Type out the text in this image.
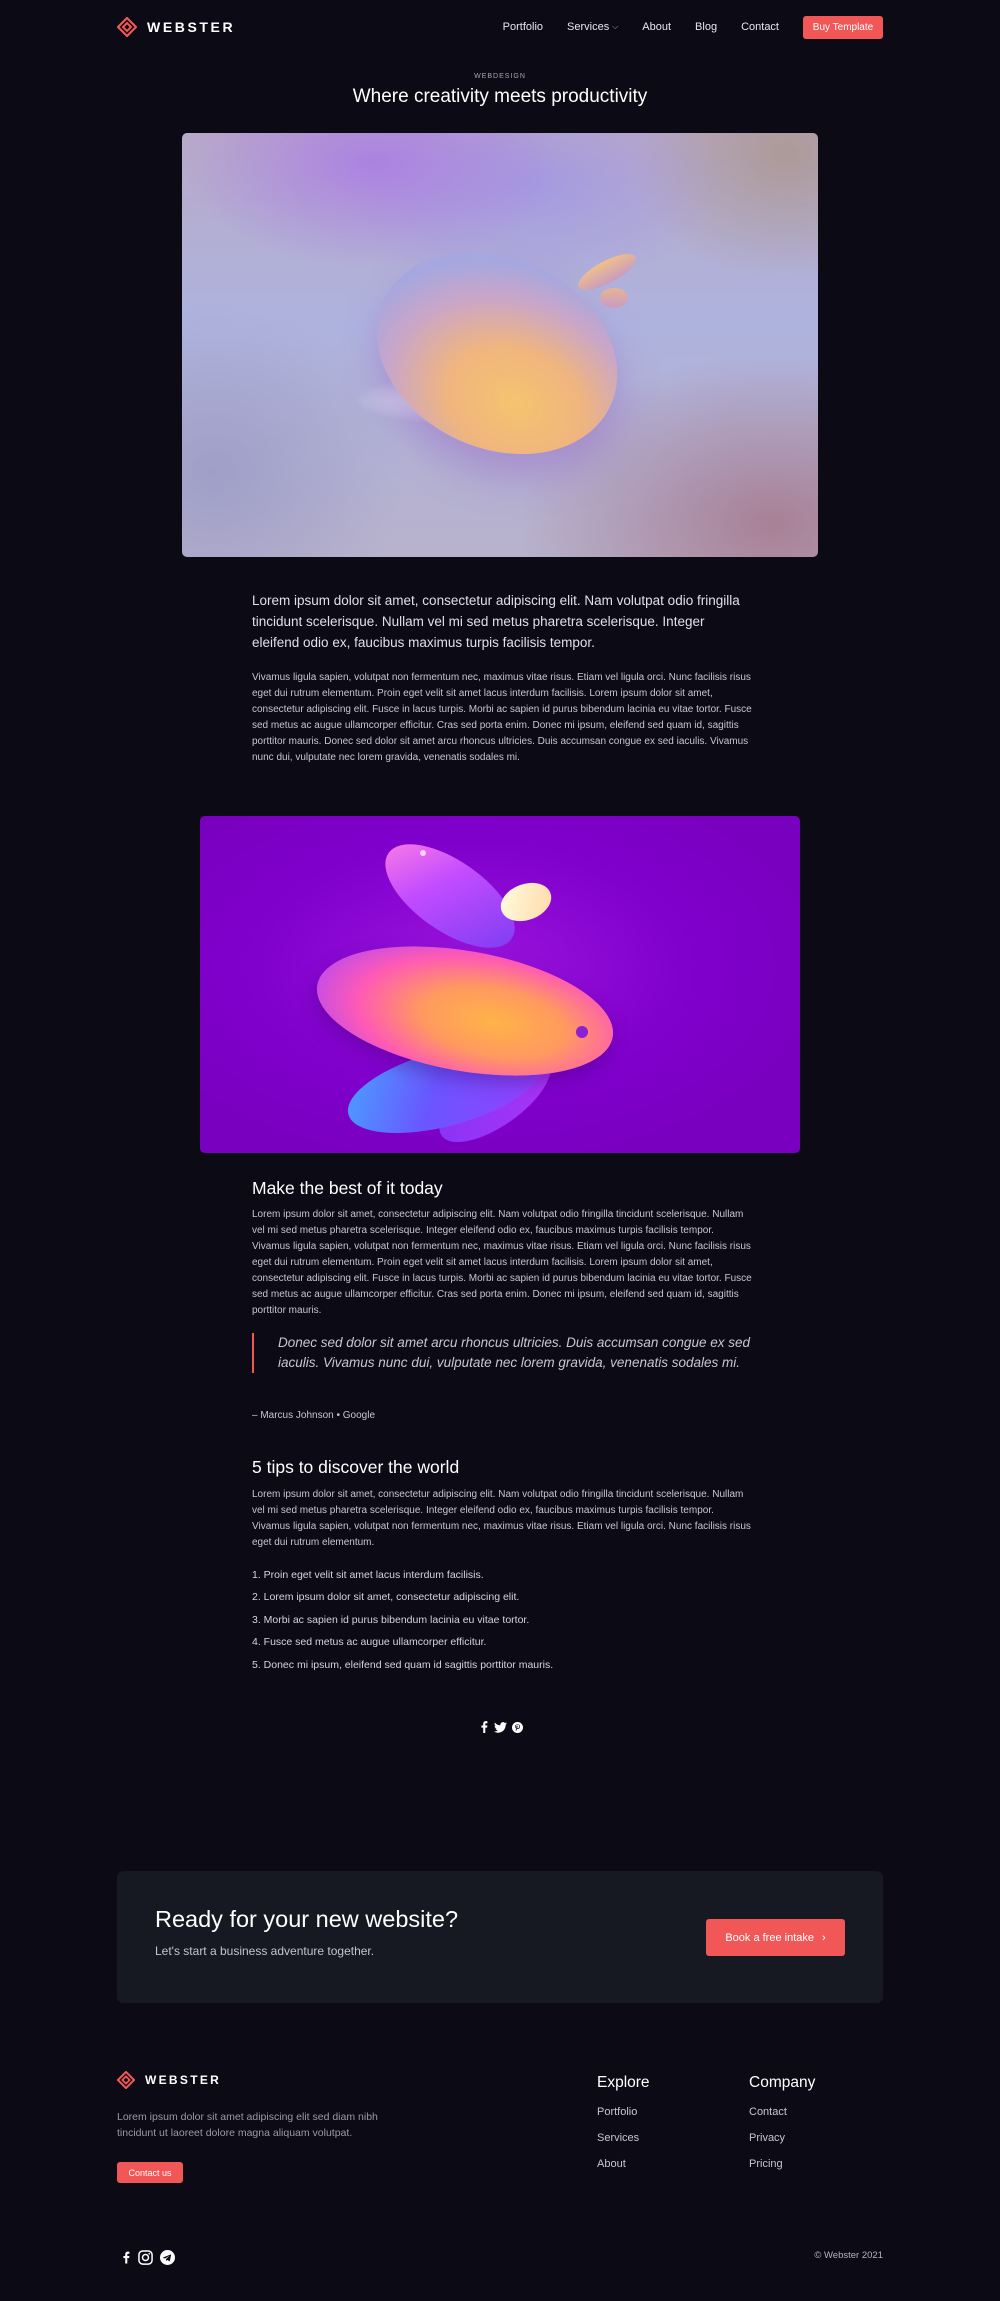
WEBSTER	Portfolio Services ⌵ About Blog Contact	Buy Template
WEBDESIGN
Where creativity meets productivity

Lorem ipsum dolor sit amet, consectetur adipiscing elit. Nam volutpat odio fringilla tincidunt scelerisque. Nullam vel mi sed metus pharetra scelerisque. Integer eleifend odio ex, faucibus maximus turpis facilisis tempor.

Vivamus ligula sapien, volutpat non fermentum nec, maximus vitae risus. Etiam vel ligula orci. Nunc facilisis risus eget dui rutrum elementum. Proin eget velit sit amet lacus interdum facilisis. Lorem ipsum dolor sit amet, consectetur adipiscing elit. Fusce in lacus turpis. Morbi ac sapien id purus bibendum lacinia eu vitae tortor. Fusce sed metus ac augue ullamcorper efficitur. Cras sed porta enim. Donec mi ipsum, eleifend sed quam id, sagittis porttitor mauris. Donec sed dolor sit amet arcu rhoncus ultricies. Duis accumsan congue ex sed iaculis. Vivamus nunc dui, vulputate nec lorem gravida, venenatis sodales mi.

Make the best of it today

Lorem ipsum dolor sit amet, consectetur adipiscing elit. Nam volutpat odio fringilla tincidunt scelerisque. Nullam vel mi sed metus pharetra scelerisque. Integer eleifend odio ex, faucibus maximus turpis facilisis tempor. Vivamus ligula sapien, volutpat non fermentum nec, maximus vitae risus. Etiam vel ligula orci. Nunc facilisis risus eget dui rutrum elementum. Proin eget velit sit amet lacus interdum facilisis. Lorem ipsum dolor sit amet, consectetur adipiscing elit. Fusce in lacus turpis. Morbi ac sapien id purus bibendum lacinia eu vitae tortor. Fusce sed metus ac augue ullamcorper efficitur. Cras sed porta enim. Donec mi ipsum, eleifend sed quam id, sagittis porttitor mauris.

Donec sed dolor sit amet arcu rhoncus ultricies. Duis accumsan congue ex sed iaculis. Vivamus nunc dui, vulputate nec lorem gravida, venenatis sodales mi.

– Marcus Johnson • Google
5 tips to discover the world

Lorem ipsum dolor sit amet, consectetur adipiscing elit. Nam volutpat odio fringilla tincidunt scelerisque. Nullam vel mi sed metus pharetra scelerisque. Integer eleifend odio ex, faucibus maximus turpis facilisis tempor. Vivamus ligula sapien, volutpat non fermentum nec, maximus vitae risus. Etiam vel ligula orci. Nunc facilisis risus eget dui rutrum elementum.

1. Proin eget velit sit amet lacus interdum facilisis.
2. Lorem ipsum dolor sit amet, consectetur adipiscing elit.
3. Morbi ac sapien id purus bibendum lacinia eu vitae tortor.
4. Fusce sed metus ac augue ullamcorper efficitur.
5. Donec mi ipsum, eleifend sed quam id sagittis porttitor mauris.
Ready for your new website?

Let's start a business adventure together.

Book a free intake ›
WEBSTER

Lorem ipsum dolor sit amet adipiscing elit sed diam nibh tincidunt ut laoreet dolore magna aliquam volutpat.

Contact us
Explore
Portfolio
Services
About
Company
Contact
Privacy
Pricing
© Webster 2021
